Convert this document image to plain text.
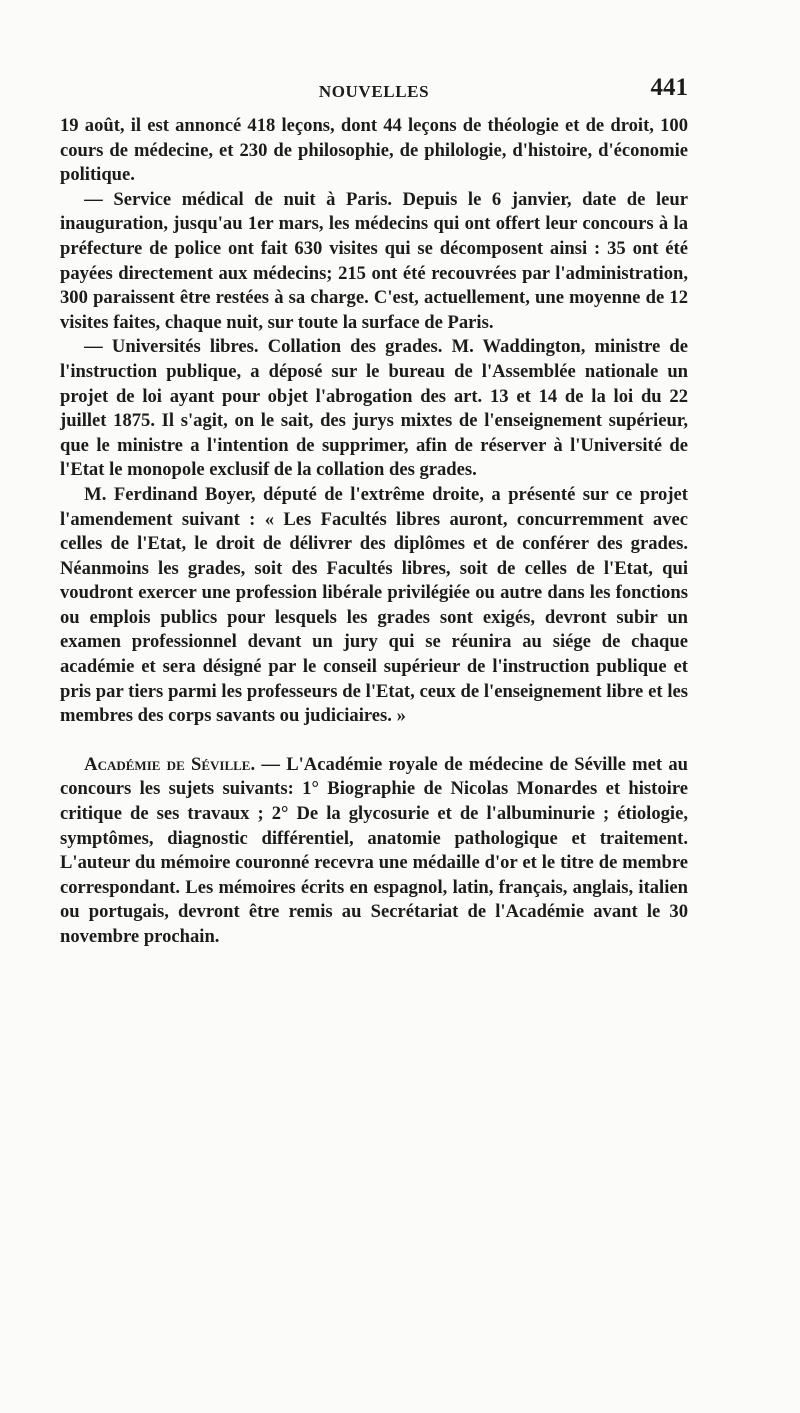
NOUVELLES	441

19 août, il est annoncé 418 leçons, dont 44 leçons de théologie et de droit, 100 cours de médecine, et 230 de philosophie, de philologie, d'histoire, d'économie politique.

— Service médical de nuit à Paris. Depuis le 6 janvier, date de leur inauguration, jusqu'au 1er mars, les médecins qui ont offert leur concours à la préfecture de police ont fait 630 visites qui se décomposent ainsi : 35 ont été payées directement aux médecins; 215 ont été recouvrées par l'administration, 300 paraissent être restées à sa charge. C'est, actuellement, une moyenne de 12 visites faites, chaque nuit, sur toute la surface de Paris.

— Universités libres. Collation des grades. M. Waddington, ministre de l'instruction publique, a déposé sur le bureau de l'Assemblée nationale un projet de loi ayant pour objet l'abrogation des art. 13 et 14 de la loi du 22 juillet 1875. Il s'agit, on le sait, des jurys mixtes de l'enseignement supérieur, que le ministre a l'intention de supprimer, afin de réserver à l'Université de l'Etat le monopole exclusif de la collation des grades.

M. Ferdinand Boyer, député de l'extrême droite, a présenté sur ce projet l'amendement suivant : « Les Facultés libres auront, concurremment avec celles de l'Etat, le droit de délivrer des diplômes et de conférer des grades. Néanmoins les grades, soit des Facultés libres, soit de celles de l'Etat, qui voudront exercer une profession libérale privilégiée ou autre dans les fonctions ou emplois publics pour lesquels les grades sont exigés, devront subir un examen professionnel devant un jury qui se réunira au siége de chaque académie et sera désigné par le conseil supérieur de l'instruction publique et pris par tiers parmi les professeurs de l'Etat, ceux de l'enseignement libre et les membres des corps savants ou judiciaires. »

Académie de Séville. — L'Académie royale de médecine de Séville met au concours les sujets suivants: 1° Biographie de Nicolas Monardes et histoire critique de ses travaux ; 2° De la glycosurie et de l'albuminurie ; étiologie, symptômes, diagnostic différentiel, anatomie pathologique et traitement. L'auteur du mémoire couronné recevra une médaille d'or et le titre de membre correspondant. Les mémoires écrits en espagnol, latin, français, anglais, italien ou portugais, devront être remis au Secrétariat de l'Académie avant le 30 novembre prochain.
